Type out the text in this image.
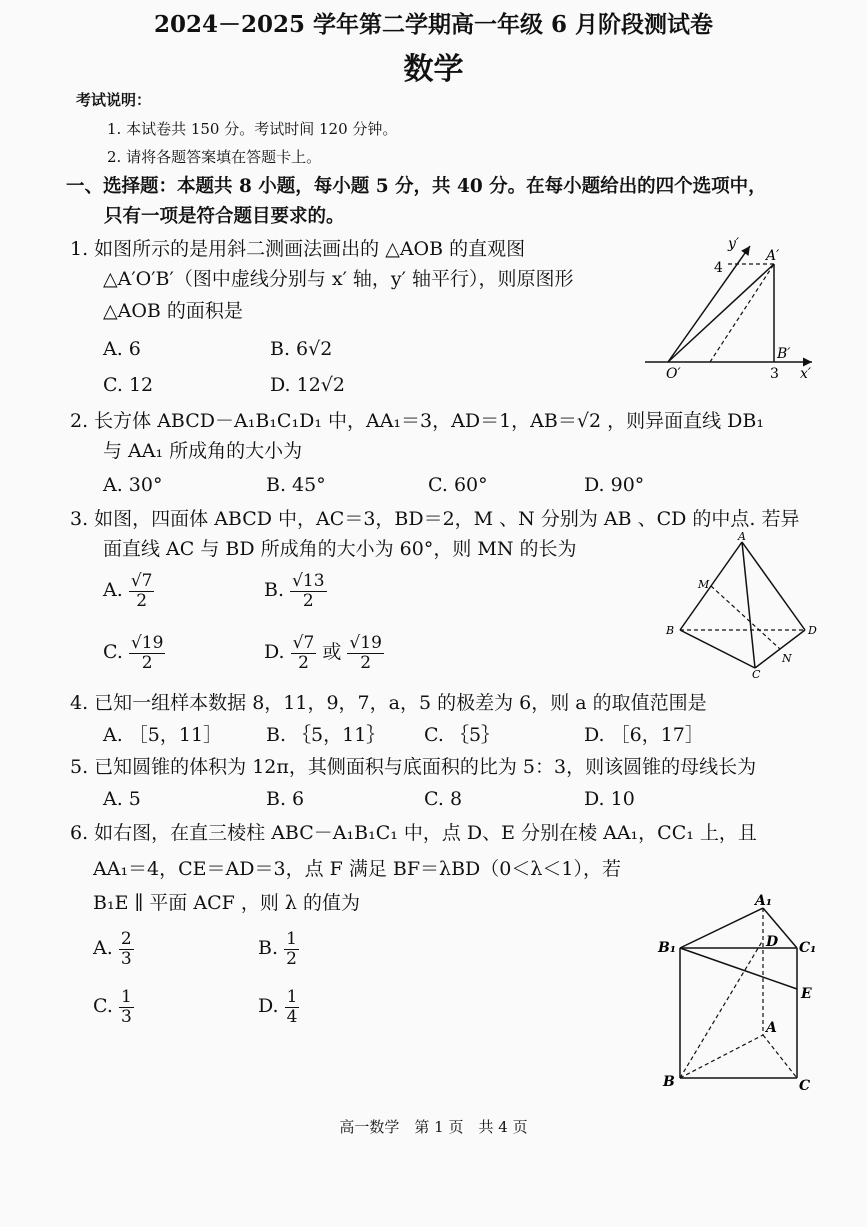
2024－2025 学年第二学期高一年级 6 月阶段测试卷
数学
考试说明：
1. 本试卷共 150 分。考试时间 120 分钟。
2. 请将各题答案填在答题卡上。
一、选择题：本题共 8 小题，每小题 5 分，共 40 分。在每小题给出的四个选项中，
只有一项是符合题目要求的。
1. 如图所示的是用斜二测画法画出的 △AOB 的直观图
△A′O′B′（图中虚线分别与 x′ 轴，y′ 轴平行），则原图形
△AOB 的面积是
A. 6	B. 6√2
C. 12	D. 12√2
y′
x′
4
3
O′
A′
B′
2. 长方体 ABCD－A₁B₁C₁D₁ 中，AA₁＝3，AD＝1，AB＝√2 ，则异面直线 DB₁
与 AA₁ 所成角的大小为
A. 30°	B. 45°	C. 60°	D. 90°
3. 如图，四面体 ABCD 中，AC＝3，BD＝2，M 、N 分别为 AB 、CD 的中点. 若异
面直线 AC 与 BD 所成角的大小为 60°，则 MN 的长为
A. $\frac{√7}{2}$	B. $\frac{√13}{2}$
C. $\frac{√19}{2}$	D. $\frac{√7}{2}$ 或 $\frac{√19}{2}$
A
B
C
D
M
N
4. 已知一组样本数据 8，11，9，7，a，5 的极差为 6，则 a 的取值范围是
A. ［5，11］ B. ｛5，11｝ C. ｛5｝	D. ［6，17］
5. 已知圆锥的体积为 12π，其侧面积与底面积的比为 5：3，则该圆锥的母线长为
A. 5	B. 6	C. 8	D. 10
6. 如右图，在直三棱柱 ABC－A₁B₁C₁ 中，点 D、E 分别在棱 AA₁，CC₁ 上，且
AA₁＝4，CE＝AD＝3，点 F 满足 BF＝λBD（0＜λ＜1），若
B₁E ∥ 平面 ACF ，则 λ 的值为
A. $\frac{2}{3}$	B. $\frac{1}{2}$
C. $\frac{1}{3}$	D. $\frac{1}{4}$
A₁
B₁	C₁
D
E
A
B	C
高一数学　第 1 页　共 4 页
